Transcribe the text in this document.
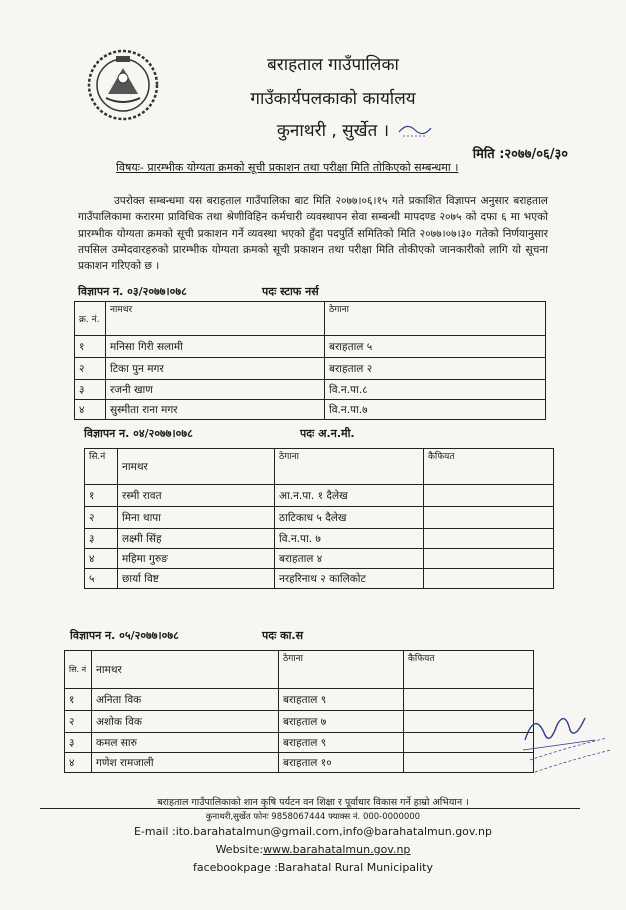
बराहताल गाउँपालिका
गाउँकार्यपलकाको कार्यालय
कुनाथरी , सुर्खेत ।
मिति :२०७७/०६/३०
विषयः- प्रारम्भीक योग्यता क्रमको सूची प्रकाशन तथा परीक्षा मिति तोकिएको सम्बन्धमा ।
उपरोक्त सम्बन्धमा यस बराहताल गाउँपालिका बाट मिति २०७७।०६।१५ गते प्रकाशित विज्ञापन अनुसार बराहताल गाउँपालिकामा करारमा प्राविधिक तथा श्रेणीविहिन कर्मचारी व्यवस्थापन सेवा सम्बन्धी मापदण्ड २०७५ को दफा ६ मा भएको प्रारम्भीक योग्यता क्रमको सूची प्रकाशन गर्ने व्यवस्था भएको हुँदा पदपुर्ति समितिको मिति २०७७।०७।३० गतेको निर्णयानुसार तपसिल उम्मेदवारहरुको प्रारम्भीक योग्यता क्रमको सूची प्रकाशन तथा परीक्षा मिति तोकीएको जानकारीको लागि यो सूचना प्रकाशन गरिएको छ ।
विज्ञापन न. ०३/२०७७।०७८	पदः स्टाफ नर्स
क्र. नं.	नामथर	ठेगाना
१	मनिसा गिरी सलामी	बराहताल ५
२	टिका पुन मगर	बराहताल २
३	रजनी खाण	वि.न.पा.८
४	सुस्मीता राना मगर	वि.न.पा.७
विज्ञापन न. ०४/२०७७।०७८	पदः अ.न.मी.
सि.नं	नामथर	ठेगाना	कैफियत
१	रस्मी रावत	आ.न.पा. १ दैलेख	
२	मिना थापा	ठाटिकाध ५ दैलेख	
३	लक्ष्मी सिंह	वि.न.पा. ७	
४	महिमा गुरुङ	बराहताल ४	
५	छार्या विष्ट	नरहरिनाथ २ कालिकोट	
विज्ञापन न. ०५/२०७७।०७८	पदः का.स
सि. नं	नामथर	ठेगाना	कैफियत
१	अनिता विक	बराहताल ९	
२	अशोक विक	बराहताल ७	
३	कमल सारु	बराहताल ९	
४	गणेश रामजाली	बराहताल १०	
बराहताल गाउँपालिकाको शान कृषि पर्यटन वन शिक्षा र पूर्वाधार विकास गर्ने हाम्रो अभियान ।
कुनाथरी,सुर्खेत फोनः 9858067444 फ्याक्स नं. 000-0000000
E-mail :ito.barahatalmun@gmail.com,info@barahatalmun.gov.np
Website:www.barahatalmun.gov.np
facebookpage :Barahatal Rural Municipality
